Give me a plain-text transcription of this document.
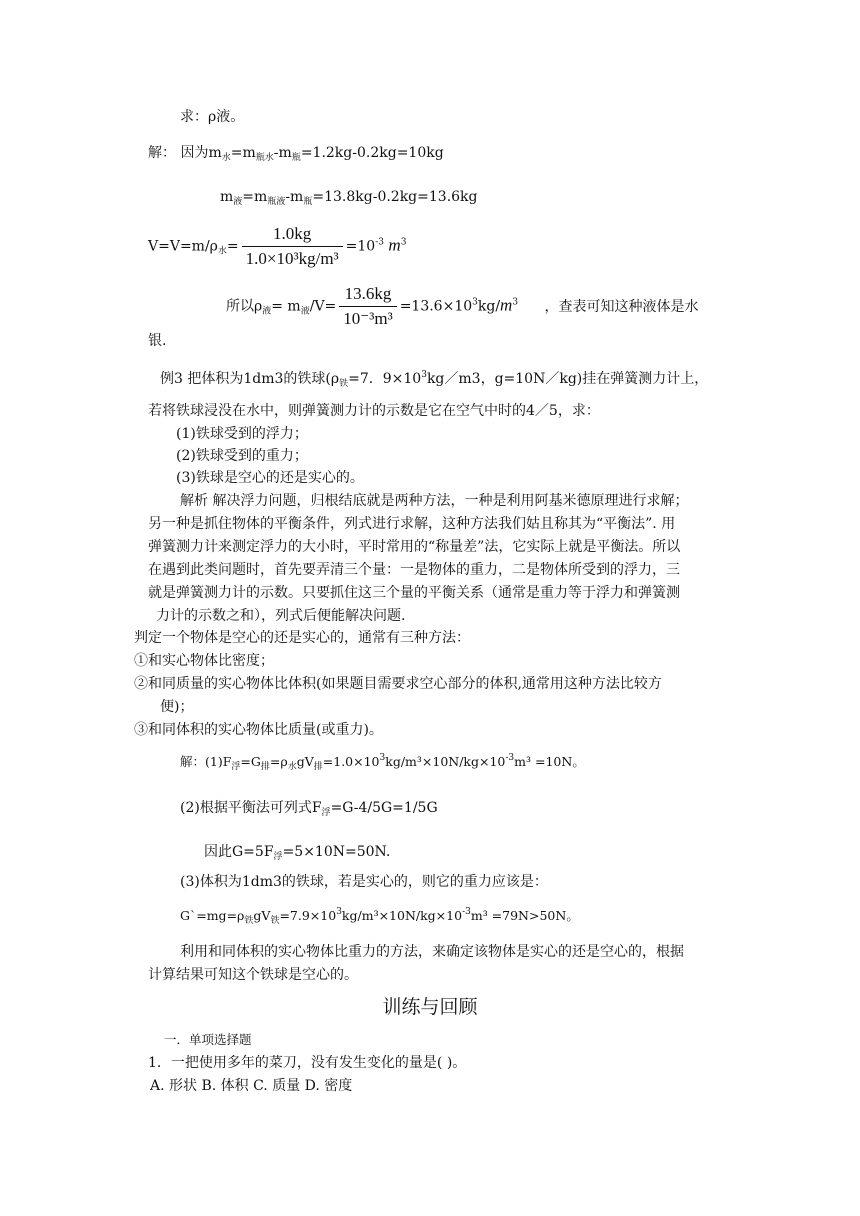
求：ρ液。
解： 因为$m_水=m_{瓶水}-m_瓶=1.2kg-0.2kg=10kg$
$m_液=m_{瓶液}-m_瓶=13.8kg-0.2kg=13.6kg$
$V=V=m/\rho_水= \frac{1.0kg}{\text{1.0×10³kg/m³}} =10^{-3}$ $m^3$
所以$\rho_液= m_液/V= \frac{13.6kg}{\text{10⁻³m³}} =13.6\times 10^3kg/m^3$ ，查表可知这种液体是水
银.
例3 把体积为1dm3的铁球($\rho_铁=7$．$9\times 10^3kg/m3$，g=10N／kg)挂在弹簧测力计上，
若将铁球浸没在水中，则弹簧测力计的示数是它在空气中时的4／5，求：
(1)铁球受到的浮力；
(2)铁球受到的重力；
(3)铁球是空心的还是实心的。
解析 解决浮力问题，归根结底就是两种方法，一种是利用阿基米德原理进行求解；
另一种是抓住物体的平衡条件，列式进行求解，这种方法我们姑且称其为“平衡法”. 用
弹簧测力计来测定浮力的大小时，平时常用的“称量差”法，它实际上就是平衡法。所以
在遇到此类问题时，首先要弄清三个量：一是物体的重力，二是物体所受到的浮力，三
就是弹簧测力计的示数。只要抓住这三个量的平衡关系（通常是重力等于浮力和弹簧测
力计的示数之和），列式后便能解决问题.
判定一个物体是空心的还是实心的，通常有三种方法：
①和实心物体比密度；
②和同质量的实心物体比体积(如果题目需要求空心部分的体积,通常用这种方法比较方
便)；
③和同体积的实心物体比质量(或重力)。
解：$(1)F_浮=G_排=\rho_水gV_排=1.0\times 10^3kg/m^3\times 10N/kg\times 10^{-3}m^3 =10N$。
(2)根据平衡法可列式$F_浮=G-4/5G=1/5G$
因此$G=5F_浮=5\times 10N=50N$.
(3)体积为1dm3的铁球，若是实心的，则它的重力应该是：
$G`=mg=\rho_铁gV_铁=7.9\times 10^3kg/m^3\times 10N/kg\times 10^{-3}m^3 =79N>50N$。
利用和同体积的实心物体比重力的方法，来确定该物体是实心的还是空心的，根据
计算结果可知这个铁球是空心的。
训练与回顾
一．单项选择题
1．一把使用多年的菜刀，没有发生变化的量是( )。
A. 形状 B. 体积 C. 质量 D. 密度
